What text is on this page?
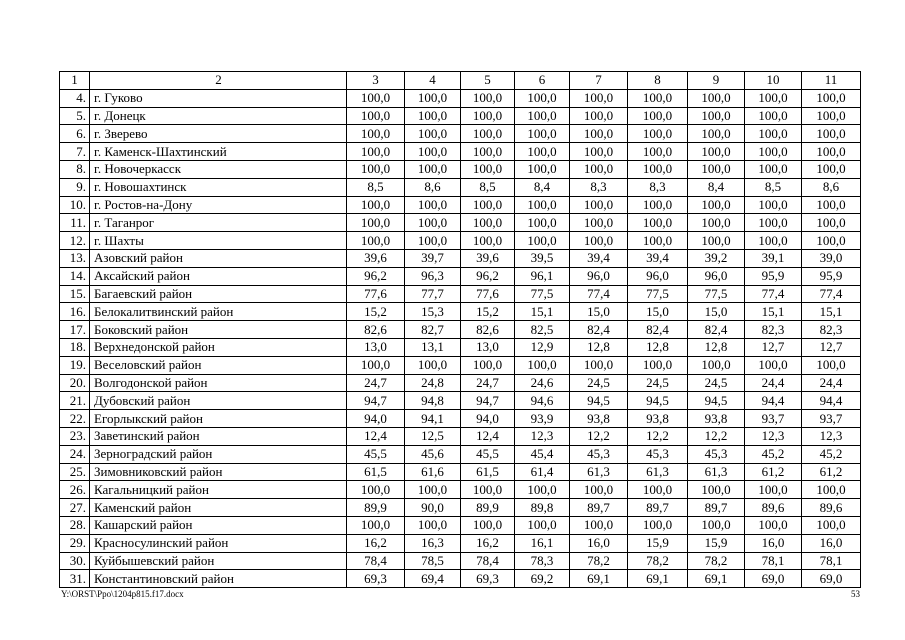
1	2	3	4	5	6	7	8	9	10	11
4.	г. Гуково	100,0	100,0	100,0	100,0	100,0	100,0	100,0	100,0	100,0
5.	г. Донецк	100,0	100,0	100,0	100,0	100,0	100,0	100,0	100,0	100,0
6.	г. Зверево	100,0	100,0	100,0	100,0	100,0	100,0	100,0	100,0	100,0
7.	г. Каменск-Шахтинский	100,0	100,0	100,0	100,0	100,0	100,0	100,0	100,0	100,0
8.	г. Новочеркасск	100,0	100,0	100,0	100,0	100,0	100,0	100,0	100,0	100,0
9.	г. Новошахтинск	8,5	8,6	8,5	8,4	8,3	8,3	8,4	8,5	8,6
10.	г. Ростов-на-Дону	100,0	100,0	100,0	100,0	100,0	100,0	100,0	100,0	100,0
11.	г. Таганрог	100,0	100,0	100,0	100,0	100,0	100,0	100,0	100,0	100,0
12.	г. Шахты	100,0	100,0	100,0	100,0	100,0	100,0	100,0	100,0	100,0
13.	Азовский район	39,6	39,7	39,6	39,5	39,4	39,4	39,2	39,1	39,0
14.	Аксайский район	96,2	96,3	96,2	96,1	96,0	96,0	96,0	95,9	95,9
15.	Багаевский район	77,6	77,7	77,6	77,5	77,4	77,5	77,5	77,4	77,4
16.	Белокалитвинский район	15,2	15,3	15,2	15,1	15,0	15,0	15,0	15,1	15,1
17.	Боковский район	82,6	82,7	82,6	82,5	82,4	82,4	82,4	82,3	82,3
18.	Верхнедонской район	13,0	13,1	13,0	12,9	12,8	12,8	12,8	12,7	12,7
19.	Веселовский район	100,0	100,0	100,0	100,0	100,0	100,0	100,0	100,0	100,0
20.	Волгодонской район	24,7	24,8	24,7	24,6	24,5	24,5	24,5	24,4	24,4
21.	Дубовский район	94,7	94,8	94,7	94,6	94,5	94,5	94,5	94,4	94,4
22.	Егорлыкский район	94,0	94,1	94,0	93,9	93,8	93,8	93,8	93,7	93,7
23.	Заветинский район	12,4	12,5	12,4	12,3	12,2	12,2	12,2	12,3	12,3
24.	Зерноградский район	45,5	45,6	45,5	45,4	45,3	45,3	45,3	45,2	45,2
25.	Зимовниковский район	61,5	61,6	61,5	61,4	61,3	61,3	61,3	61,2	61,2
26.	Кагальницкий район	100,0	100,0	100,0	100,0	100,0	100,0	100,0	100,0	100,0
27.	Каменский район	89,9	90,0	89,9	89,8	89,7	89,7	89,7	89,6	89,6
28.	Кашарский район	100,0	100,0	100,0	100,0	100,0	100,0	100,0	100,0	100,0
29.	Красносулинский район	16,2	16,3	16,2	16,1	16,0	15,9	15,9	16,0	16,0
30.	Куйбышевский район	78,4	78,5	78,4	78,3	78,2	78,2	78,2	78,1	78,1
31.	Константиновский район	69,3	69,4	69,3	69,2	69,1	69,1	69,1	69,0	69,0
Y:\ORST\Ppo\1204p815.f17.docx	53
